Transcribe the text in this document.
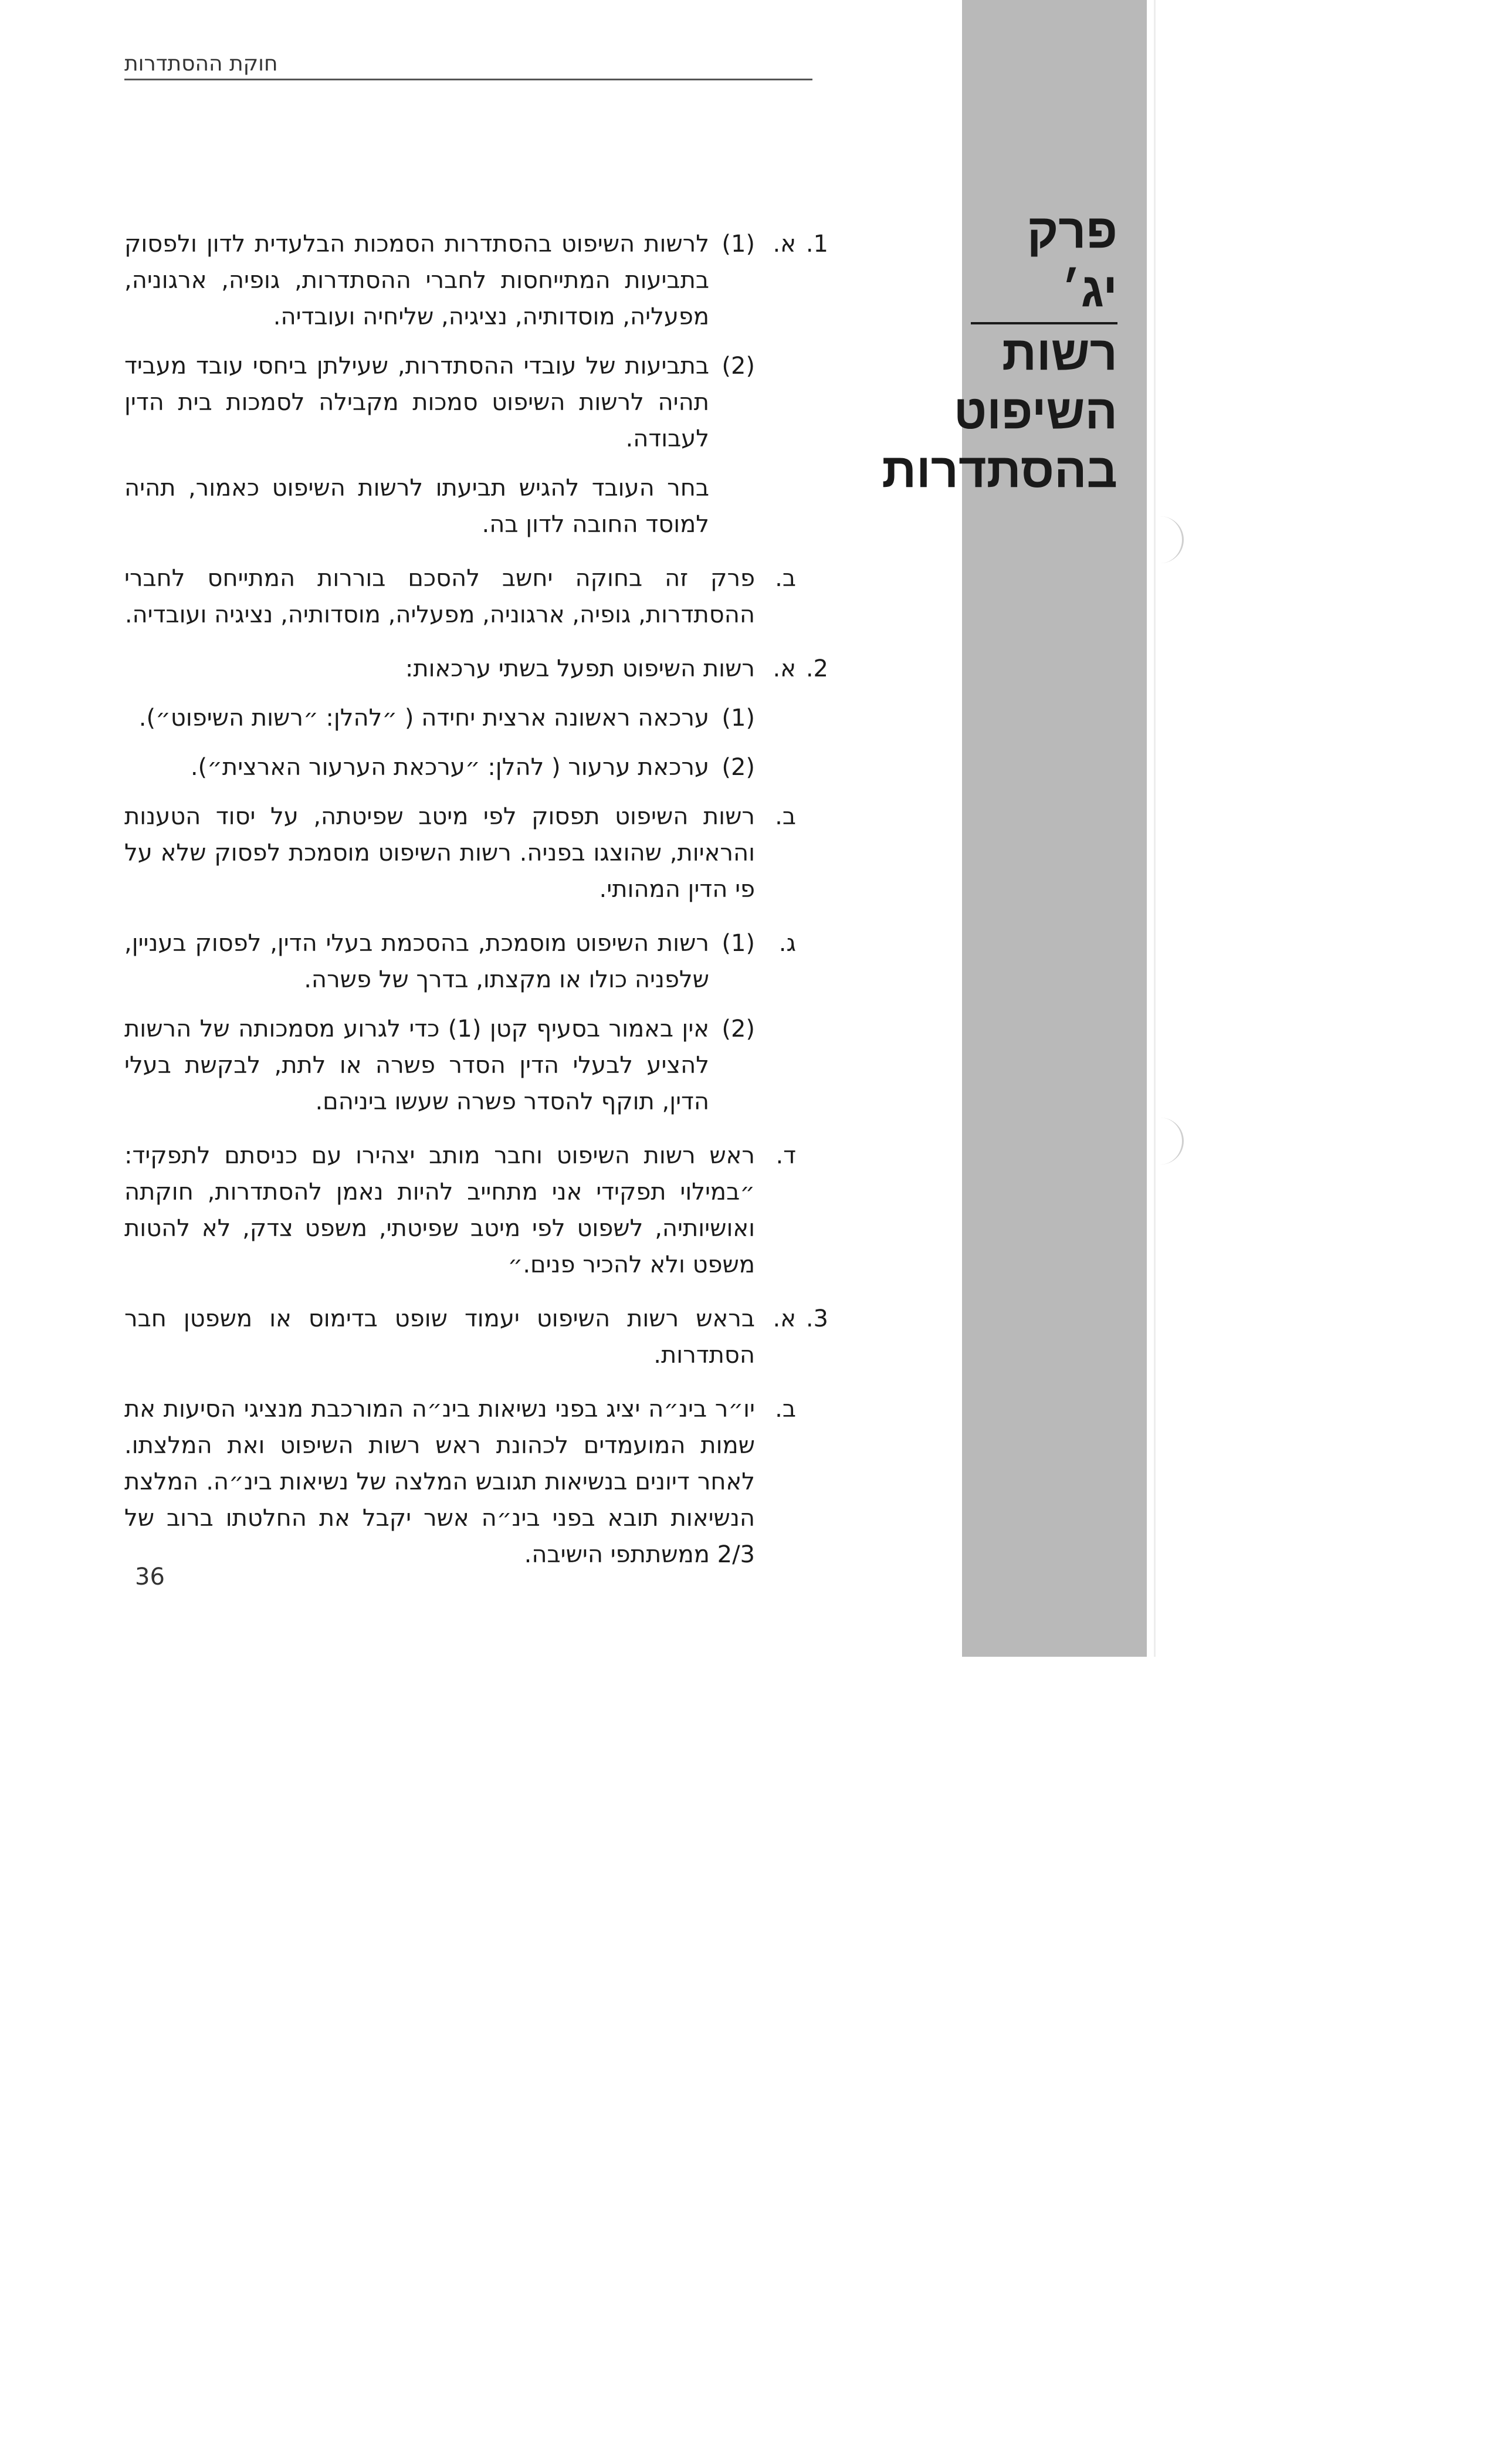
חוקת ההסתדרות
פרק יג׳
רשות
השיפוט
בהסתדרות
1.
א.
(1)
לרשות השיפוט בהסתדרות הסמכות הבלעדית לדון ולפסוק בתביעות המתייחסות לחברי ההסתדרות, גופיה, ארגוניה, מפעליה, מוסדותיה, נציגיה, שליחיה ועובדיה.
(2)
בתביעות של עובדי ההסתדרות, שעילתן ביחסי עובד מעביד תהיה לרשות השיפוט סמכות מקבילה לסמכות בית הדין לעבודה.
בחר העובד להגיש תביעתו לרשות השיפוט כאמור, תהיה למוסד החובה לדון בה.
ב.
פרק זה בחוקה יחשב להסכם בוררות המתייחס לחברי ההסתדרות, גופיה, ארגוניה, מפעליה, מוסדותיה, נציגיה ועובדיה.
2.
א.
רשות השיפוט תפעל בשתי ערכאות:
(1)
ערכאה ראשונה ארצית יחידה ( ״להלן: ״רשות השיפוט״).
(2)
ערכאת ערעור ( להלן: ״ערכאת הערעור הארצית״).
ב.
רשות השיפוט תפסוק לפי מיטב שפיטתה, על יסוד הטענות והראיות, שהוצגו בפניה. רשות השיפוט מוסמכת לפסוק שלא על פי הדין המהותי.
ג.
(1)
רשות השיפוט מוסמכת, בהסכמת בעלי הדין, לפסוק בעניין, שלפניה כולו או מקצתו, בדרך של פשרה.
(2)
אין באמור בסעיף קטן (1) כדי לגרוע מסמכותה של הרשות להציע לבעלי הדין הסדר פשרה או לתת, לבקשת בעלי הדין, תוקף להסדר פשרה שעשו ביניהם.
ד.
ראש רשות השיפוט וחבר מותב יצהירו עם כניסתם לתפקיד: ״במילוי תפקידי אני מתחייב להיות נאמן להסתדרות, חוקתה ואושיותיה, לשפוט לפי מיטב שפיטתי, משפט צדק, לא להטות משפט ולא להכיר פנים.״
3.
א.
בראש רשות השיפוט יעמוד שופט בדימוס או משפטן חבר הסתדרות.
ב.
יו״ר בינ״ה יציג בפני נשיאות בינ״ה המורכבת מנציגי הסיעות את שמות המועמדים לכהונת ראש רשות השיפוט ואת המלצתו. לאחר דיונים בנשיאות תגובש המלצה של נשיאות בינ״ה. המלצת הנשיאות תובא בפני בינ״ה אשר יקבל את החלטתו ברוב של 2/3 ממשתתפי הישיבה.
36
